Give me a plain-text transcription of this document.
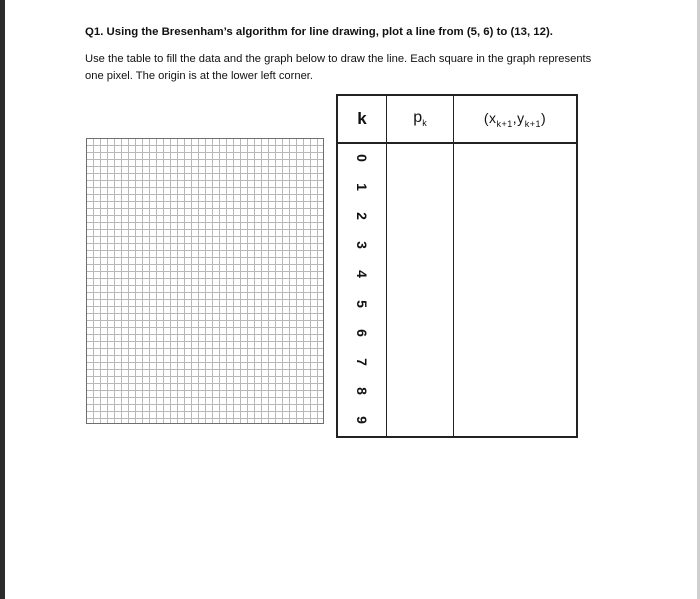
Q1. Using the Bresenham’s algorithm for line drawing, plot a line from (5, 6) to (13, 12).

Use the table to fill the data and the graph below to draw the line. Each square in the graph represents one pixel. The origin is at the lower left corner.

k	$p_k$	$(x_{k+1},y_{k+1})$
0		
1		
2		
3		
4		
5		
6		
7		
8		
9		
